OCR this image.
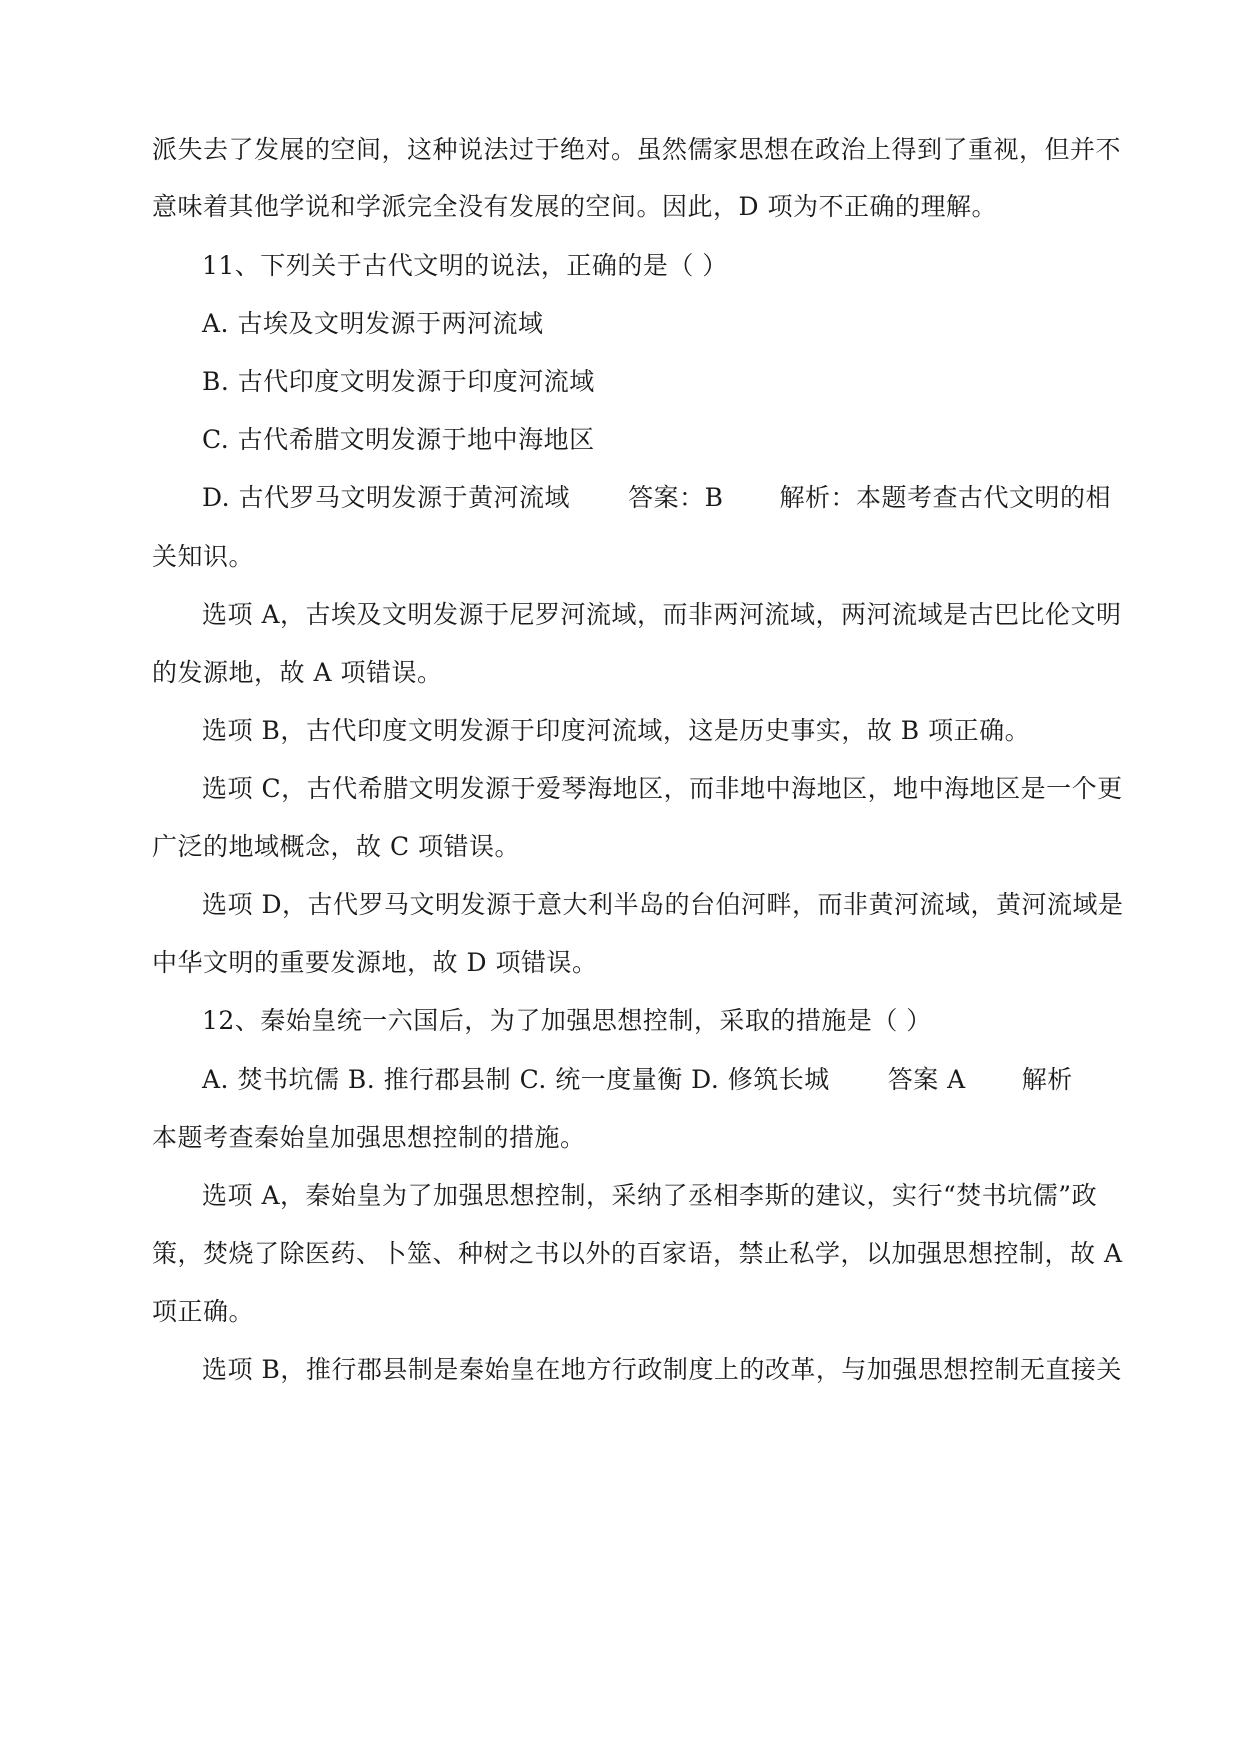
派失去了发展的空间，这种说法过于绝对。虽然儒家思想在政治上得到了重视，但并不
意味着其他学说和学派完全没有发展的空间。因此，D 项为不正确的理解。
11、下列关于古代文明的说法，正确的是（ ）
A. 古埃及文明发源于两河流域
B. 古代印度文明发源于印度河流域
C. 古代希腊文明发源于地中海地区
D. 古代罗马文明发源于黄河流域 答案：B 解析：本题考查古代文明的相
关知识。
选项 A，古埃及文明发源于尼罗河流域，而非两河流域，两河流域是古巴比伦文明
的发源地，故 A 项错误。
选项 B，古代印度文明发源于印度河流域，这是历史事实，故 B 项正确。
选项 C，古代希腊文明发源于爱琴海地区，而非地中海地区，地中海地区是一个更
广泛的地域概念，故 C 项错误。
选项 D，古代罗马文明发源于意大利半岛的台伯河畔，而非黄河流域，黄河流域是
中华文明的重要发源地，故 D 项错误。
12、秦始皇统一六国后，为了加强思想控制，采取的措施是（ ）
A. 焚书坑儒 B. 推行郡县制 C. 统一度量衡 D. 修筑长城 答案 A 解析
本题考查秦始皇加强思想控制的措施。
选项 A，秦始皇为了加强思想控制，采纳了丞相李斯的建议，实行“焚书坑儒”政
策，焚烧了除医药、卜筮、种树之书以外的百家语，禁止私学，以加强思想控制，故 A
项正确。
选项 B，推行郡县制是秦始皇在地方行政制度上的改革，与加强思想控制无直接关
